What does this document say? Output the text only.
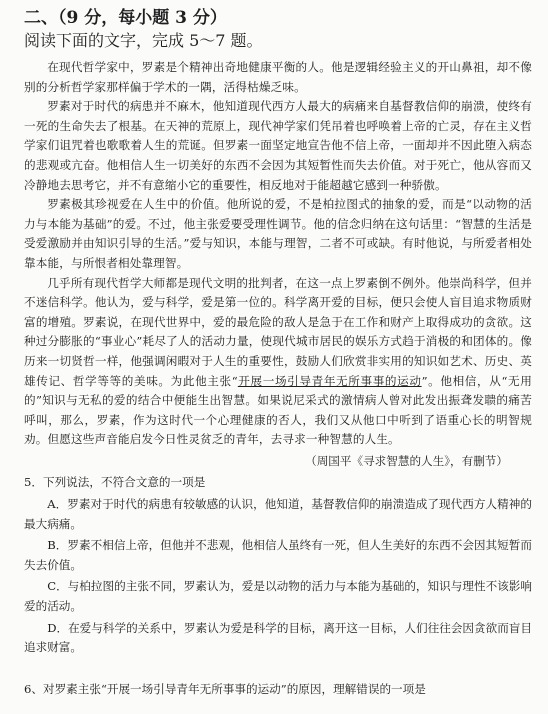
二、（9 分，每小题 3 分）

阅读下面的文字，完成 5～7 题。

在现代哲学家中，罗素是个精神出奇地健康平衡的人。他是逻辑经验主义的开山鼻祖，却不像别的分析哲学家那样偏于学术的一隅，活得枯燥乏味。

罗素对于时代的病患并不麻木，他知道现代西方人最大的病痛来自基督教信仰的崩溃，使终有一死的生命失去了根基。在天神的荒原上，现代神学家们凭吊着也呼唤着上帝的亡灵，存在主义哲学家们诅咒着也歌歌着人生的荒诞。但罗素一面坚定地宣告他不信上帝，一面却并不因此堕入病态的悲观或亢奋。他相信人生一切美好的东西不会因为其短暂性而失去价值。对于死亡，他从容而又冷静地去思考它，并不有意缩小它的重要性，相反地对于能超越它感到一种骄傲。

罗素极其珍视爱在人生中的价值。他所说的爱，不是柏拉图式的抽象的爱，而是“以动物的活力与本能为基础”的爱。不过，他主张爱要受理性调节。他的信念归纳在这句话里：“智慧的生活是受爱激励并由知识引导的生活。”爱与知识，本能与理智，二者不可或缺。有时他说，与所爱者相处靠本能，与所恨者相处靠理智。

几乎所有现代哲学大师都是现代文明的批判者，在这一点上罗素倒不例外。他崇尚科学，但并不迷信科学。他认为，爱与科学，爱是第一位的。科学离开爱的目标，便只会使人盲目追求物质财富的增殖。罗素说，在现代世界中，爱的最危险的敌人是急于在工作和财产上取得成功的贪欲。这种过分膨胀的“事业心”耗尽了人的活动力量，使现代城市居民的娱乐方式趋于消极的和团体的。像历来一切贤哲一样，他强调闲暇对于人生的重要性，鼓励人们欣赏非实用的知识如艺术、历史、英雄传记、哲学等等的美味。为此他主张“开展一场引导青年无所事事的运动”。他相信，从“无用的”知识与无私的爱的结合中便能生出智慧。如果说尼采式的激情病人曾对此发出振聋发聩的痛苦呼叫，那么，罗素，作为这时代一个心理健康的否人，我们又从他口中听到了语重心长的明智规劝。但愿这些声音能启发今日性灵贫乏的青年，去寻求一种智慧的人生。

（周国平《寻求智慧的人生》，有删节）

5．下列说法，不符合文意的一项是

A．罗素对于时代的病患有较敏感的认识，他知道，基督教信仰的崩溃造成了现代西方人精神的最大病痛。

B．罗素不相信上帝，但他并不悲观，他相信人虽终有一死，但人生美好的东西不会因其短暂而失去价值。

C．与柏拉图的主张不同，罗素认为，爱是以动物的活力与本能为基础的，知识与理性不该影响爱的活动。

D．在爱与科学的关系中，罗素认为爱是科学的目标，离开这一目标，人们往往会因贪欲而盲目追求财富。

6、对罗素主张“开展一场引导青年无所事事的运动”的原因，理解错误的一项是
